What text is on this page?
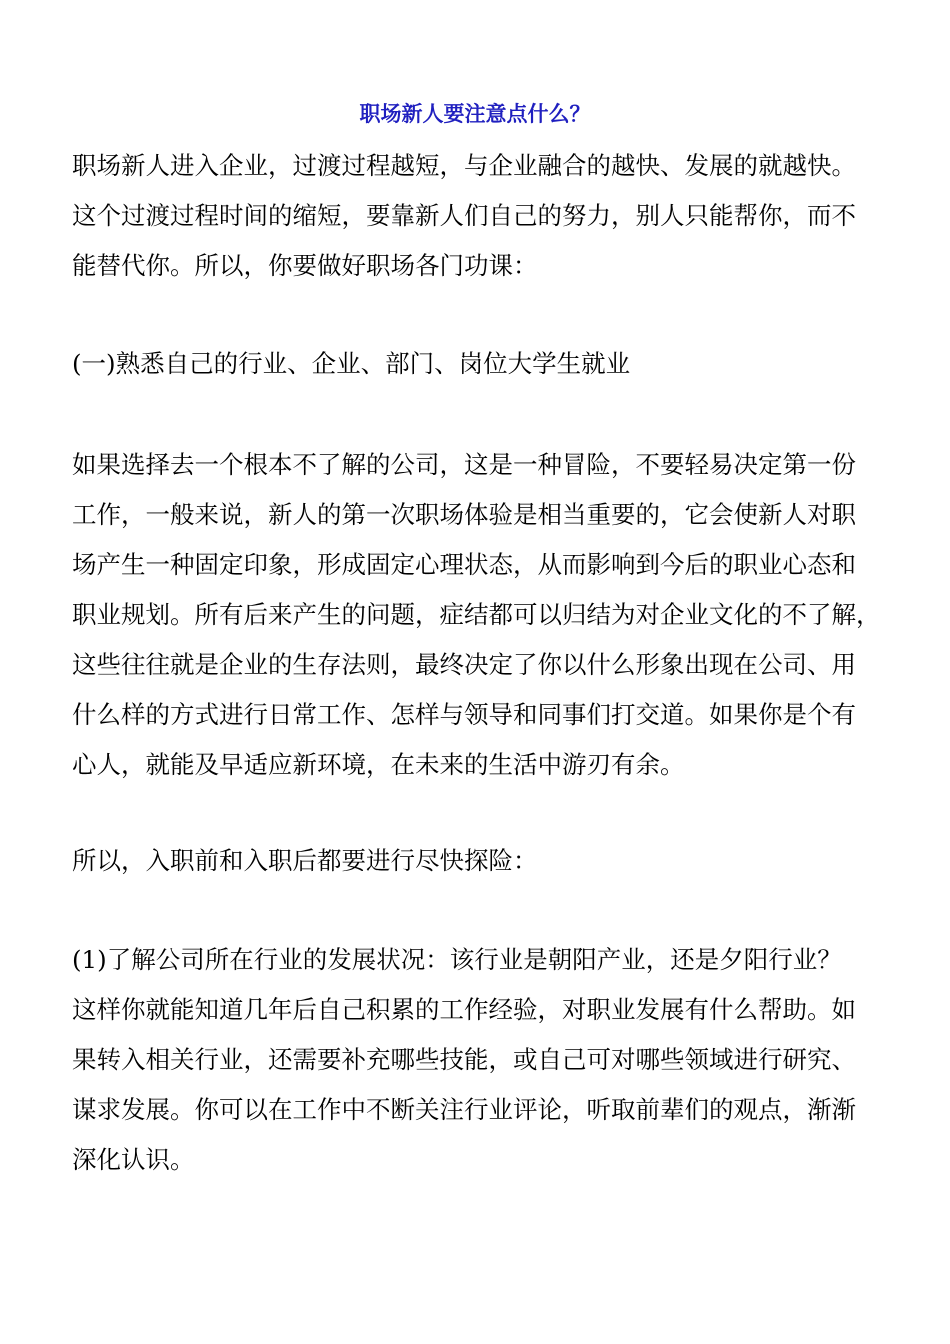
职场新人要注意点什么？
职场新人进入企业，过渡过程越短，与企业融合的越快、发展的就越快。
这个过渡过程时间的缩短，要靠新人们自己的努力，别人只能帮你，而不
能替代你。所以，你要做好职场各门功课：
(一)熟悉自己的行业、企业、部门、岗位大学生就业
如果选择去一个根本不了解的公司，这是一种冒险，不要轻易决定第一份
工作，一般来说，新人的第一次职场体验是相当重要的，它会使新人对职
场产生一种固定印象，形成固定心理状态，从而影响到今后的职业心态和
职业规划。所有后来产生的问题，症结都可以归结为对企业文化的不了解，
这些往往就是企业的生存法则，最终决定了你以什么形象出现在公司、用
什么样的方式进行日常工作、怎样与领导和同事们打交道。如果你是个有
心人，就能及早适应新环境，在未来的生活中游刃有余。
所以，入职前和入职后都要进行尽快探险：
(1)了解公司所在行业的发展状况：该行业是朝阳产业，还是夕阳行业？
这样你就能知道几年后自己积累的工作经验，对职业发展有什么帮助。如
果转入相关行业，还需要补充哪些技能，或自己可对哪些领域进行研究、
谋求发展。你可以在工作中不断关注行业评论，听取前辈们的观点，渐渐
深化认识。
